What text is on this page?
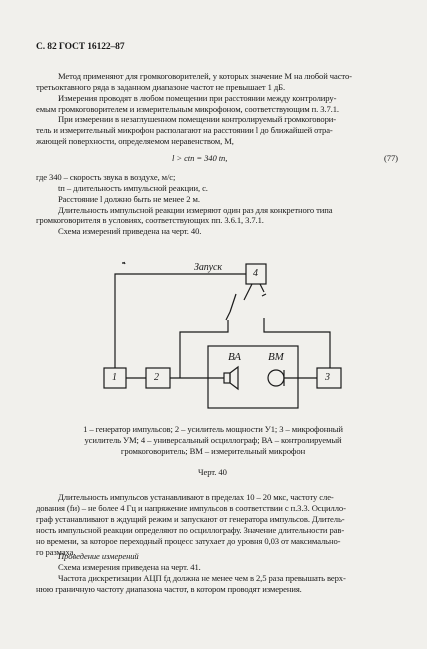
С. 82 ГОСТ 16122–87
Метод применяют для громкоговорителей, у которых значение M на любой часто-
третьоктавного ряда в заданном диапазоне частот не превышает 1 дБ.
Измерения проводят в любом помещении при расстоянии между контролиру-
емым громкоговорителем и измерительным микрофоном, соответствующим п. 3.7.1.
При измерении в незаглушенном помещении контролируемый громкоговори-
тель и измерительный микрофон располагают на расстоянии l до ближайшей отра-
жающей поверхности, определяемом неравенством, M,
l > ctп = 340 tп,	(77)
где 340 – скорость звука в воздухе, м/с;
tп – длительность импульсной реакции, с.
Расстояние l должно быть не менее 2 м.
Длительность импульсной реакции измеряют один раз для конкретного типа
громкоговорителя в условиях, соответствующих пп. 3.6.1, 3.7.1.
Схема измерений приведена на черт. 40.
Запуск
1	2	3
4
ВА ВМ
1 – генератор импульсов; 2 – усилитель мощности У1; 3 – микрофонный
усилитель УМ; 4 – универсальный осциллограф; ВА – контролируемый
громкоговоритель; ВМ – измерительный микрофон
Черт. 40
Длительность импульсов устанавливают в пределах 10 – 20 мкс, частоту сле-
дования (fи) – не более 4 Гц и напряжение импульсов в соответствии с п.3.3. Осцилло-
граф устанавливают в ждущий режим и запускают от генератора импульсов. Длитель-
ность импульсной реакции определяют по осциллографу. Значение длительности рав-
но времени, за которое переходный процесс затухает до уровня 0,03 от максимально-
го размаха.
Проведение измерений
Схема измерения приведена на черт. 41.
Частота дискретизации АЦП fд должна не менее чем в 2,5 раза превышать верх-
нюю граничную частоту диапазона частот, в котором проводят измерения.
